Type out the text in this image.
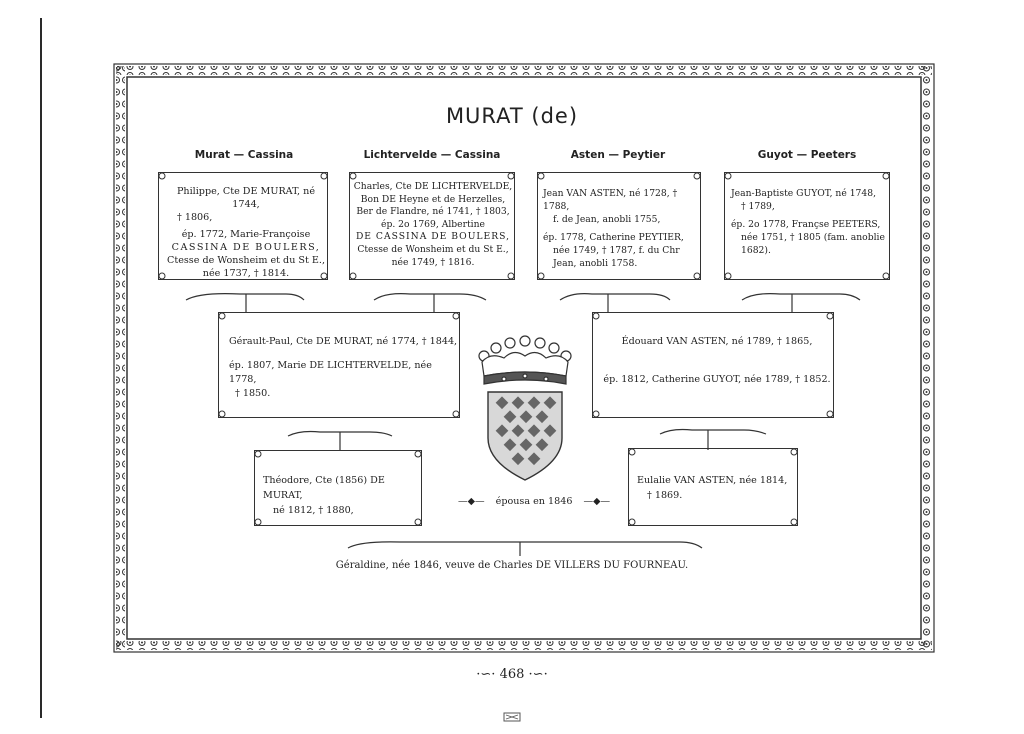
MURAT (de)
Murat — Cassina	Lichtervelde — Cassina	Asten — Peytier	Guyot — Peeters
Philippe, Cte DE MURAT, né 1744,
† 1806,
ép. 1772, Marie-Françoise
CASSINA DE BOULERS,
Ctesse de Wonsheim et du St E.,
née 1737, † 1814.
Charles, Cte DE LICHTERVELDE,
Bon DE Heyne et de Herzelles,
Ber de Flandre, né 1741, † 1803,
ép. 2o 1769, Albertine
DE CASSINA DE BOULERS,
Ctesse de Wonsheim et du St E.,
née 1749, † 1816.
Jean VAN ASTEN, né 1728, † 1788,
f. de Jean, anobli 1755,
ép. 1778, Catherine PEYTIER,
née 1749, † 1787, f. du Chr
Jean, anobli 1758.
Jean-Baptiste GUYOT, né 1748,
† 1789,
ép. 2o 1778, Françse PEETERS,
née 1751, † 1805 (fam. anoblie
1682).
Gérault-Paul, Cte DE MURAT, né 1774, † 1844,
ép. 1807, Marie DE LICHTERVELDE, née 1778,
† 1850.
Édouard VAN ASTEN, né 1789, † 1865,
ép. 1812, Catherine GUYOT, née 1789, † 1852.
Théodore, Cte (1856) DE MURAT,
né 1812, † 1880,
—◆— épousa en 1846 —◆—
Eulalie VAN ASTEN, née 1814,
† 1869.
Géraldine, née 1846, veuve de Charles DE VILLERS DU FOURNEAU.
·∽· 468 ·∽·
